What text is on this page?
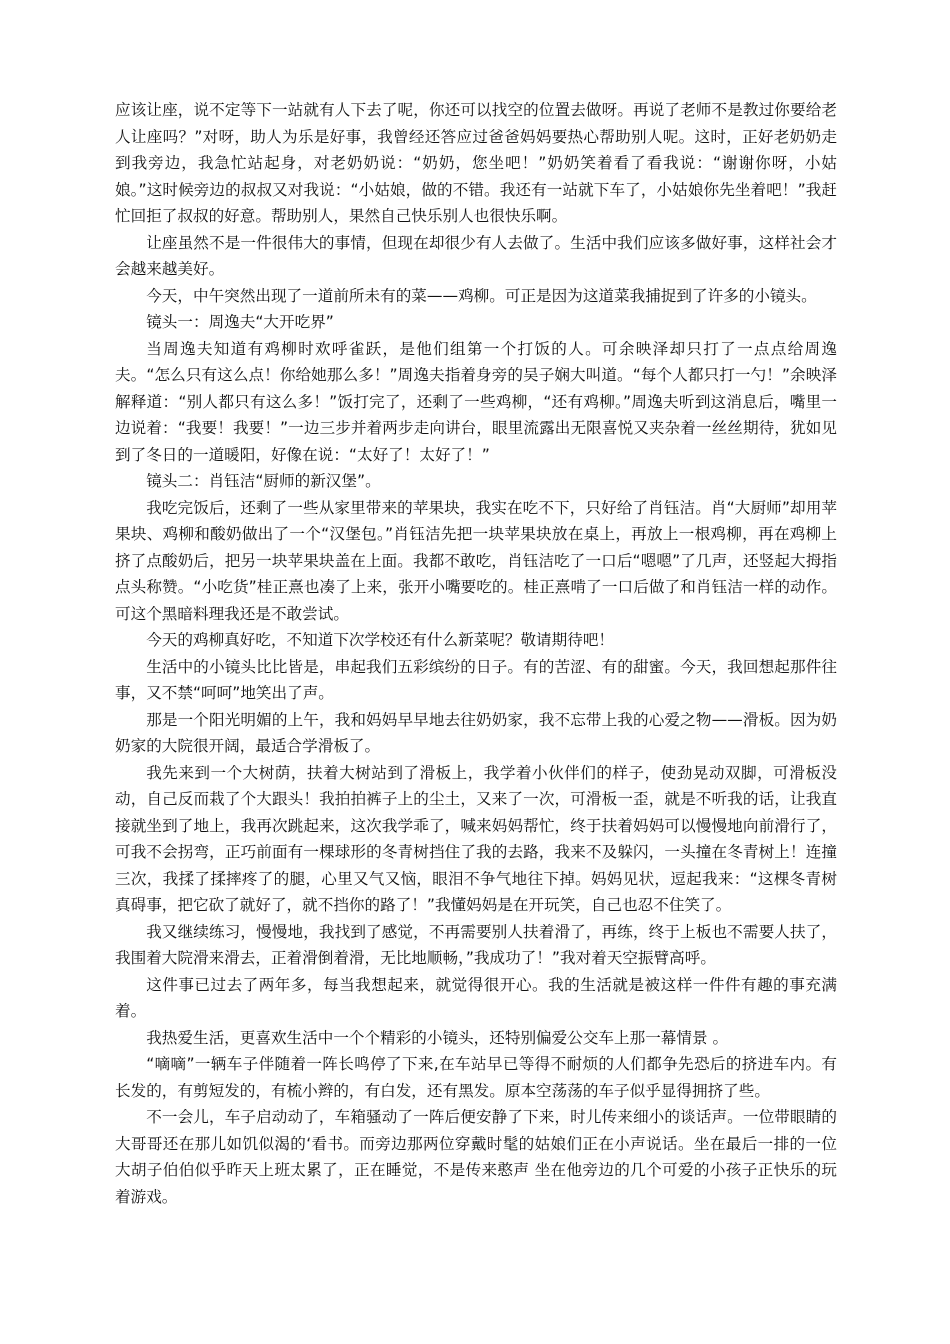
应该让座，说不定等下一站就有人下去了呢，你还可以找空的位置去做呀。再说了老师不是教过你要给老人让座吗？”对呀，助人为乐是好事，我曾经还答应过爸爸妈妈要热心帮助别人呢。这时，正好老奶奶走到我旁边，我急忙站起身，对老奶奶说：“奶奶，您坐吧！”奶奶笑着看了看我说：“谢谢你呀，小姑娘。”这时候旁边的叔叔又对我说：“小姑娘，做的不错。我还有一站就下车了，小姑娘你先坐着吧！”我赶忙回拒了叔叔的好意。帮助别人，果然自己快乐别人也很快乐啊。

让座虽然不是一件很伟大的事情，但现在却很少有人去做了。生活中我们应该多做好事，这样社会才会越来越美好。

今天，中午突然出现了一道前所未有的菜——鸡柳。可正是因为这道菜我捕捉到了许多的小镜头。

镜头一：周逸夫“大开吃界”

当周逸夫知道有鸡柳时欢呼雀跃，是他们组第一个打饭的人。可余映泽却只打了一点点给周逸夫。“怎么只有这么点！你给她那么多！”周逸夫指着身旁的吴子娴大叫道。“每个人都只打一勺！”余映泽解释道：“别人都只有这么多！”饭打完了，还剩了一些鸡柳，“还有鸡柳。”周逸夫听到这消息后，嘴里一边说着：“我要！我要！”一边三步并着两步走向讲台，眼里流露出无限喜悦又夹杂着一丝丝期待，犹如见到了冬日的一道暖阳，好像在说：“太好了！太好了！”

镜头二：肖钰洁“厨师的新汉堡”。

我吃完饭后，还剩了一些从家里带来的苹果块，我实在吃不下，只好给了肖钰洁。肖“大厨师”却用苹果块、鸡柳和酸奶做出了一个“汉堡包。”肖钰洁先把一块苹果块放在桌上，再放上一根鸡柳，再在鸡柳上挤了点酸奶后，把另一块苹果块盖在上面。我都不敢吃，肖钰洁吃了一口后“嗯嗯”了几声，还竖起大拇指点头称赞。“小吃货”桂正熹也凑了上来，张开小嘴要吃的。桂正熹啃了一口后做了和肖钰洁一样的动作。可这个黑暗料理我还是不敢尝试。

今天的鸡柳真好吃，不知道下次学校还有什么新菜呢？敬请期待吧！

生活中的小镜头比比皆是，串起我们五彩缤纷的日子。有的苦涩、有的甜蜜。今天，我回想起那件往事，又不禁“呵呵”地笑出了声。

那是一个阳光明媚的上午，我和妈妈早早地去往奶奶家，我不忘带上我的心爱之物——滑板。因为奶奶家的大院很开阔，最适合学滑板了。

我先来到一个大树荫，扶着大树站到了滑板上，我学着小伙伴们的样子，使劲晃动双脚，可滑板没动，自己反而栽了个大跟头！我拍拍裤子上的尘土，又来了一次，可滑板一歪，就是不听我的话，让我直接就坐到了地上，我再次跳起来，这次我学乖了，喊来妈妈帮忙，终于扶着妈妈可以慢慢地向前滑行了，可我不会拐弯，正巧前面有一棵球形的冬青树挡住了我的去路，我来不及躲闪，一头撞在冬青树上！连撞三次，我揉了揉摔疼了的腿，心里又气又恼，眼泪不争气地往下掉。妈妈见状，逗起我来：“这棵冬青树真碍事，把它砍了就好了，就不挡你的路了！”我懂妈妈是在开玩笑，自己也忍不住笑了。

我又继续练习，慢慢地，我找到了感觉，不再需要别人扶着滑了，再练，终于上板也不需要人扶了，我围着大院滑来滑去，正着滑倒着滑，无比地顺畅，”我成功了！”我对着天空振臂高呼。

这件事已过去了两年多，每当我想起来，就觉得很开心。我的生活就是被这样一件件有趣的事充满着。

我热爱生活，更喜欢生活中一个个精彩的小镜头，还特别偏爱公交车上那一幕情景 。

“嘀嘀”一辆车子伴随着一阵长鸣停了下来,在车站早已等得不耐烦的人们都争先恐后的挤进车内。有长发的，有剪短发的，有梳小辫的，有白发，还有黑发。原本空荡荡的车子似乎显得拥挤了些。

不一会儿，车子启动动了，车箱骚动了一阵后便安静了下来，时儿传来细小的谈话声。一位带眼睛的大哥哥还在那儿如饥似渴的‘看书。而旁边那两位穿戴时髦的姑娘们正在小声说话。坐在最后一排的一位大胡子伯伯似乎昨天上班太累了，正在睡觉，不是传来憨声 坐在他旁边的几个可爱的小孩子正快乐的玩着游戏。
